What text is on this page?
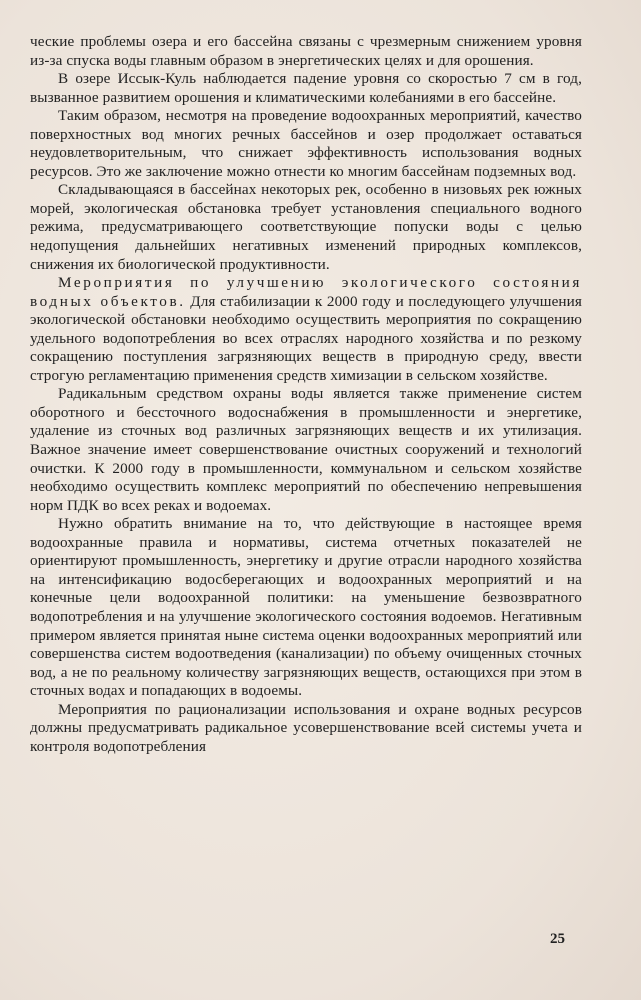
ческие проблемы озера и его бассейна связаны с чрезмерным снижением уровня из-за спуска воды главным образом в энергетических целях и для орошения.

В озере Иссык-Куль наблюдается падение уровня со скоростью 7 см в год, вызванное развитием орошения и климатическими колебаниями в его бассейне.

Таким образом, несмотря на проведение водоохранных мероприятий, качество поверхностных вод многих речных бассейнов и озер продолжает оставаться неудовлетворительным, что снижает эффективность использования водных ресурсов. Это же заключение можно отнести ко многим бассейнам подземных вод.

Складывающаяся в бассейнах некоторых рек, особенно в низовьях рек южных морей, экологическая обстановка требует установления специального водного режима, предусматривающего соответствующие попуски воды с целью недопущения дальнейших негативных изменений природных комплексов, снижения их биологической продуктивности.

Мероприятия по улучшению экологического состояния водных объектов. Для стабилизации к 2000 году и последующего улучшения экологической обстановки необходимо осуществить мероприятия по сокращению удельного водопотребления во всех отраслях народного хозяйства и по резкому сокращению поступления загрязняющих веществ в природную среду, ввести строгую регламентацию применения средств химизации в сельском хозяйстве.

Радикальным средством охраны воды является также применение систем оборотного и бессточного водоснабжения в промышленности и энергетике, удаление из сточных вод различных загрязняющих веществ и их утилизация. Важное значение имеет совершенствование очистных сооружений и технологий очистки. К 2000 году в промышленности, коммунальном и сельском хозяйстве необходимо осуществить комплекс мероприятий по обеспечению непревышения норм ПДК во всех реках и водоемах.

Нужно обратить внимание на то, что действующие в настоящее время водоохранные правила и нормативы, система отчетных показателей не ориентируют промышленность, энергетику и другие отрасли народного хозяйства на интенсификацию водосберегающих и водоохранных мероприятий и на конечные цели водоохранной политики: на уменьшение безвозвратного водопотребления и на улучшение экологического состояния водоемов. Негативным примером является принятая ныне система оценки водоохранных мероприятий или совершенства систем водоотведения (канализации) по объему очищенных сточных вод, а не по реальному количеству загрязняющих веществ, остающихся при этом в сточных водах и попадающих в водоемы.

Мероприятия по рационализации использования и охране водных ресурсов должны предусматривать радикальное усовершенствование всей системы учета и контроля водопотребления

25
